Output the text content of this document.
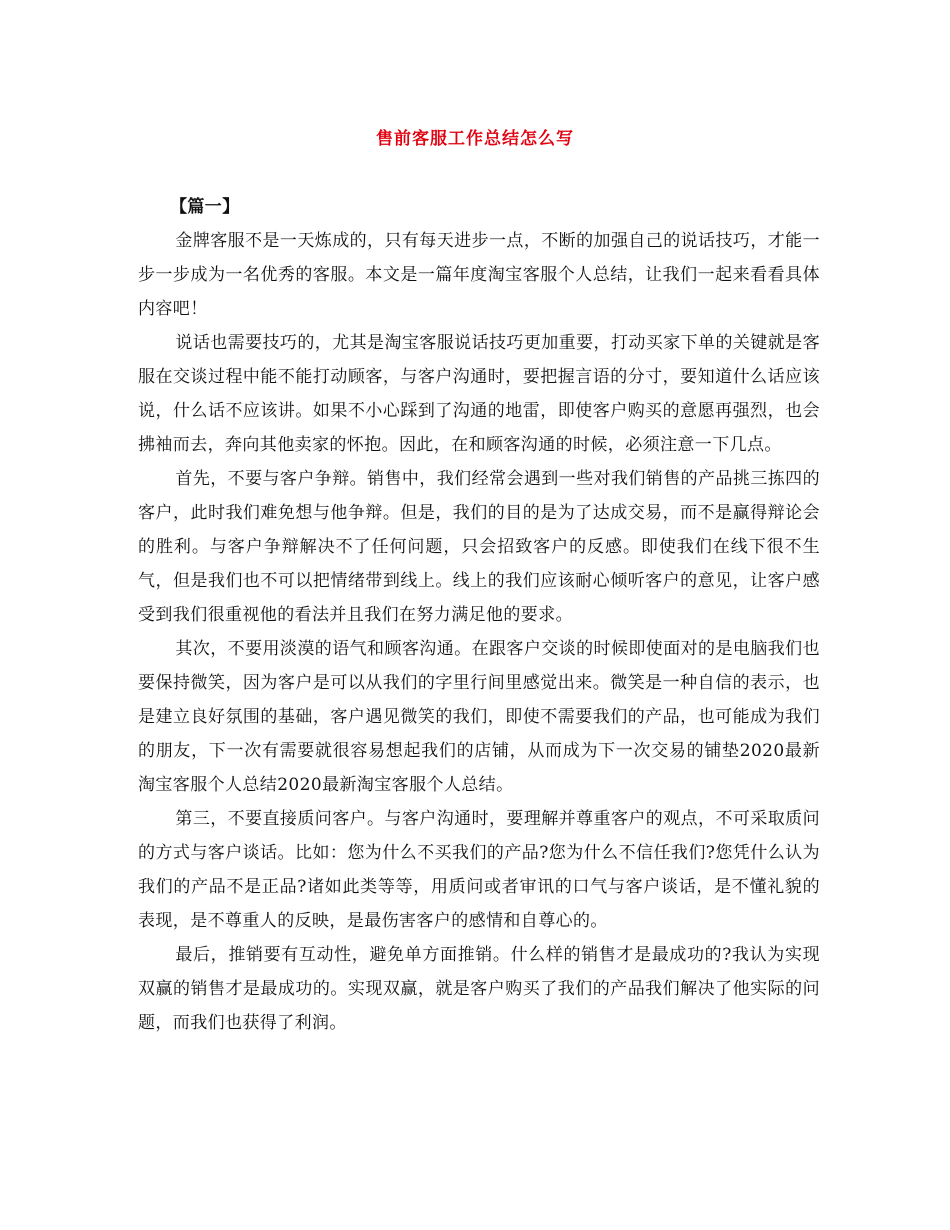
售前客服工作总结怎么写

【篇一】

金牌客服不是一天炼成的，只有每天进步一点，不断的加强自己的说话技巧，才能一步一步成为一名优秀的客服。本文是一篇年度淘宝客服个人总结，让我们一起来看看具体内容吧！

说话也需要技巧的，尤其是淘宝客服说话技巧更加重要，打动买家下单的关键就是客服在交谈过程中能不能打动顾客，与客户沟通时，要把握言语的分寸，要知道什么话应该说，什么话不应该讲。如果不小心踩到了沟通的地雷，即使客户购买的意愿再强烈，也会拂袖而去，奔向其他卖家的怀抱。因此，在和顾客沟通的时候，必须注意一下几点。

首先，不要与客户争辩。销售中，我们经常会遇到一些对我们销售的产品挑三拣四的客户，此时我们难免想与他争辩。但是，我们的目的是为了达成交易，而不是赢得辩论会的胜利。与客户争辩解决不了任何问题，只会招致客户的反感。即使我们在线下很不生气，但是我们也不可以把情绪带到线上。线上的我们应该耐心倾听客户的意见，让客户感受到我们很重视他的看法并且我们在努力满足他的要求。

其次，不要用淡漠的语气和顾客沟通。在跟客户交谈的时候即使面对的是电脑我们也要保持微笑，因为客户是可以从我们的字里行间里感觉出来。微笑是一种自信的表示，也是建立良好氛围的基础，客户遇见微笑的我们，即使不需要我们的产品，也可能成为我们的朋友，下一次有需要就很容易想起我们的店铺，从而成为下一次交易的铺垫2020最新淘宝客服个人总结2020最新淘宝客服个人总结。

第三，不要直接质问客户。与客户沟通时，要理解并尊重客户的观点，不可采取质问的方式与客户谈话。比如：您为什么不买我们的产品?您为什么不信任我们?您凭什么认为我们的产品不是正品?诸如此类等等，用质问或者审讯的口气与客户谈话，是不懂礼貌的表现，是不尊重人的反映，是最伤害客户的感情和自尊心的。

最后，推销要有互动性，避免单方面推销。什么样的销售才是最成功的?我认为实现双赢的销售才是最成功的。实现双赢，就是客户购买了我们的产品我们解决了他实际的问题，而我们也获得了利润。
